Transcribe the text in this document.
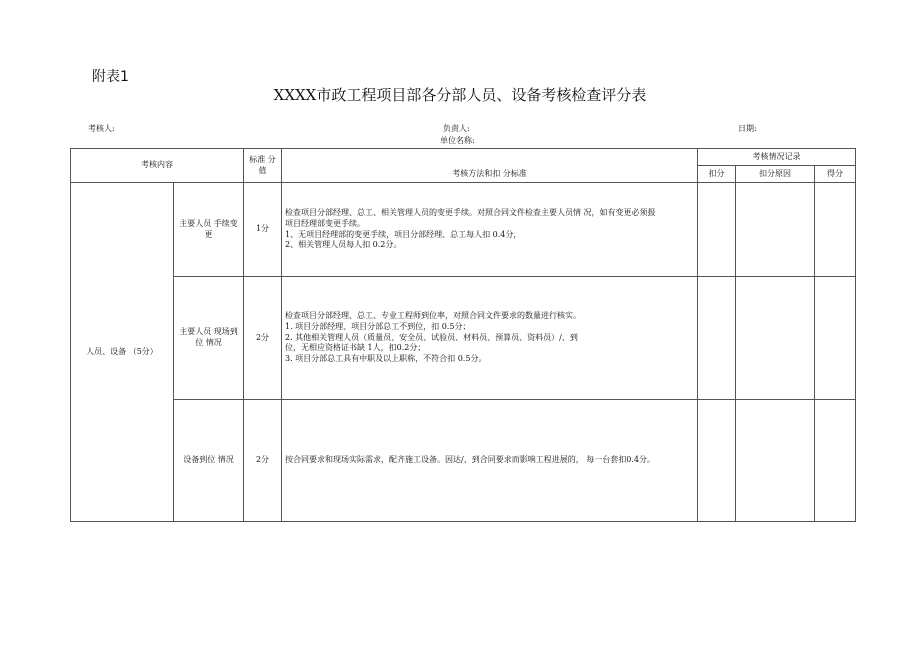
附表1
XXXX市政工程项目部各分部人员、设备考核检查评分表
考核人:	负责人:	日期:
单位名称:
考核内容		标准 分 值	考核方法和扣 分标准	考核情况记录		
				扣分	扣分原因	得分
人员、设备 （5分）	主要人员 手续变更	1分	检查项目分部经理、总工、相关管理人员的变更手续。对照合同文件检查主要人员情 况，如有变更必须报
项目经理部变更手续。
1、无项目经理部的变更手续，项目分部经理、总工每人扣 0.4分，
2、相关管理人员每人扣 0.2分。			

	主要人员 现场到位 情况	2分	检查项目分部经理、总工、专业工程师到位率，对照合同文件要求的数量进行核实。
1. 项目分部经理、项目分部总工不到位，扣 0.5分；
2. 其他相关管理人员（质量员、安全员、试验员、材料员、预算员、资料员）/、到
位，无相应资格证书缺 1人，扣0.2分；
3. 项目分部总工具有中职及以上职称，不符合扣 0.5分。			

	设备到位 情况	2分	按合同要求和现场实际需求，配齐施工设备。因达/、到合同要求而影响工程进展的， 每一台套扣0.4分。			
